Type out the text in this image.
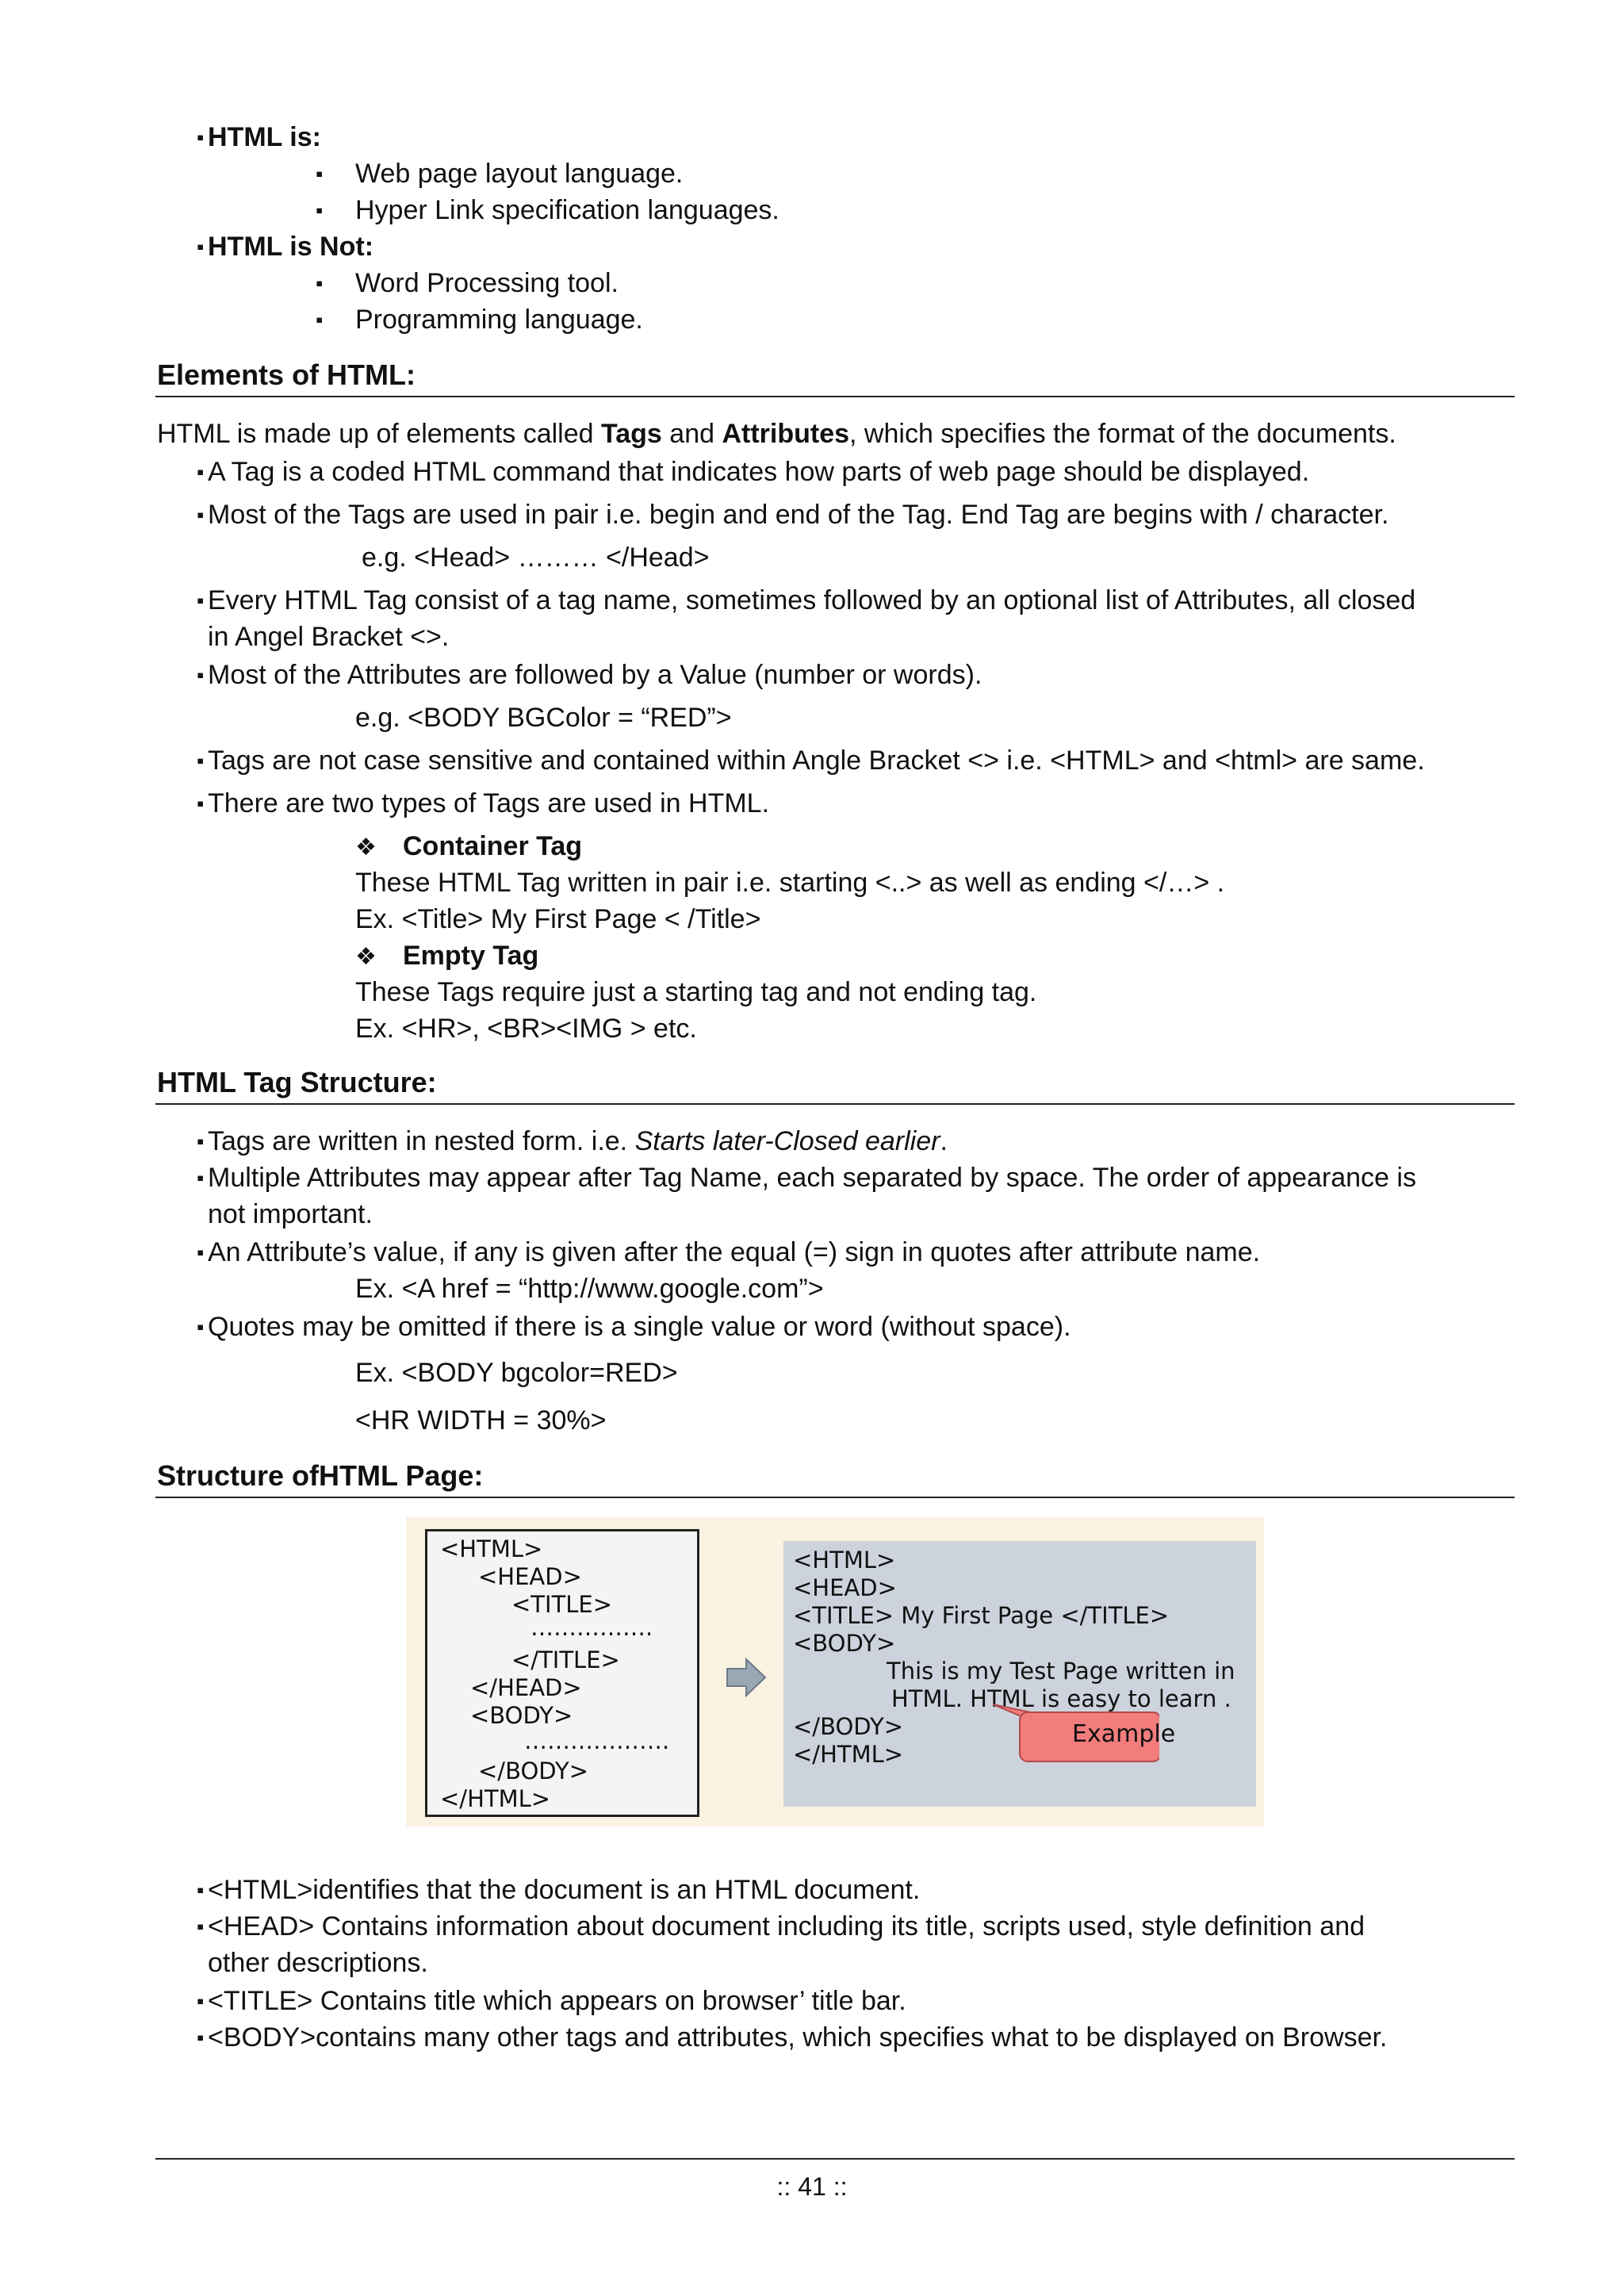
▪ HTML is:
▪ Web page layout language.
▪ Hyper Link specification languages.
▪ HTML is Not:
▪ Word Processing tool.
▪ Programming language.
Elements of HTML:
HTML is made up of elements called Tags and Attributes, which specifies the format of the documents.
▪ A Tag is a coded HTML command that indicates how parts of web page should be displayed.
▪ Most of the Tags are used in pair i.e. begin and end of the Tag. End Tag are begins with / character.
e.g. <Head> ……… </Head>
▪ Every HTML Tag consist of a tag name, sometimes followed by an optional list of Attributes, all closed
in Angel Bracket <>.
▪ Most of the Attributes are followed by a Value (number or words).
e.g. <BODY BGColor = “RED”>
▪ Tags are not case sensitive and contained within Angle Bracket <> i.e. <HTML> and <html> are same.
▪ There are two types of Tags are used in HTML.
❖ Container Tag
These HTML Tag written in pair i.e. starting <..> as well as ending </…> .
Ex. <Title> My First Page < /Title>
❖ Empty Tag
These Tags require just a starting tag and not ending tag.
Ex. <HR>, <BR><IMG > etc.
HTML Tag Structure:
▪ Tags are written in nested form. i.e. Starts later-Closed earlier.
▪ Multiple Attributes may appear after Tag Name, each separated by space. The order of appearance is
not important.
▪ An Attribute’s value, if any is given after the equal (=) sign in quotes after attribute name.
Ex. <A href = “http://www.google.com”>
▪ Quotes may be omitted if there is a single value or word (without space).
Ex. <BODY bgcolor=RED>
<HR WIDTH = 30%>
Structure ofHTML Page:
<HTML>
<HEAD>
<TITLE>
…………….
</TITLE>
</HEAD>
<BODY>
……………….
</BODY>
</HTML>
<HTML>
<HEAD>
<TITLE> My First Page </TITLE>
<BODY>
This is my Test Page written in
HTML. HTML is easy to learn .
</BODY>
</HTML>
Example
▪ <HTML>identifies that the document is an HTML document.
▪ <HEAD> Contains information about document including its title, scripts used, style definition and
other descriptions.
▪ <TITLE> Contains title which appears on browser’ title bar.
▪ <BODY>contains many other tags and attributes, which specifies what to be displayed on Browser.
:: 41 ::
